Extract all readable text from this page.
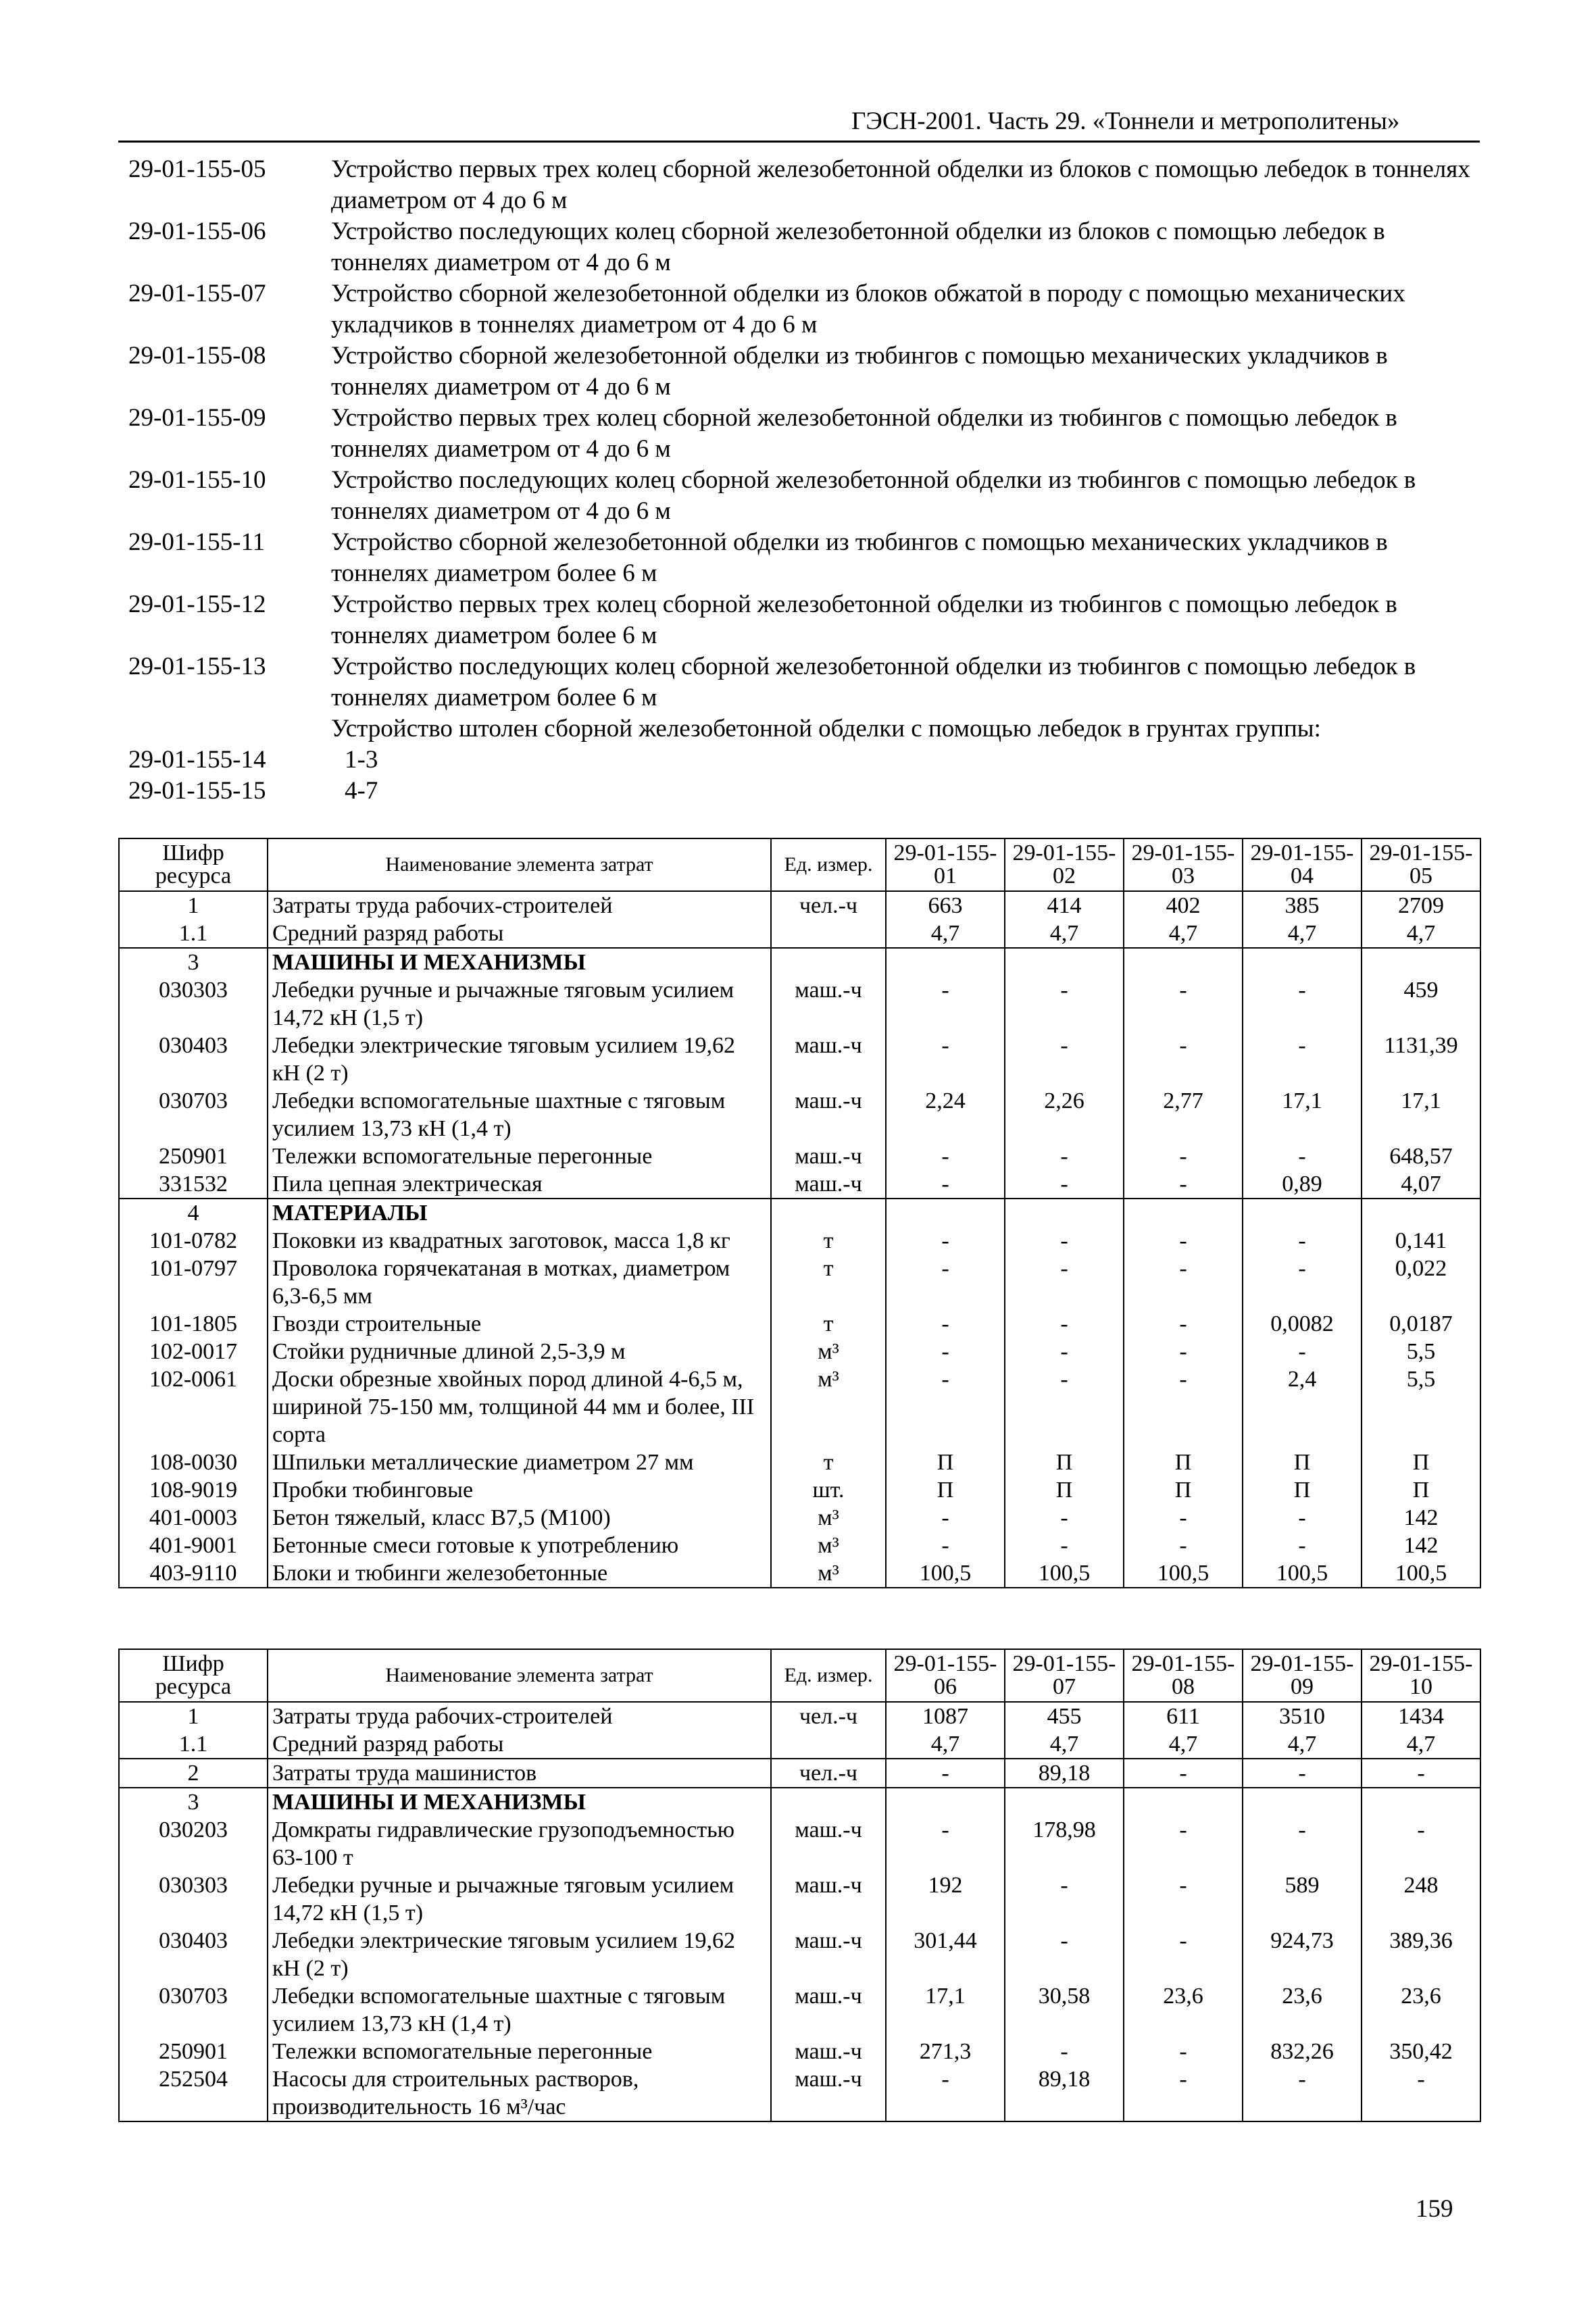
ГЭСН-2001. Часть 29. «Тоннели и метрополитены»
29-01-155-05	Устройство первых трех колец сборной железобетонной обделки из блоков с помощью лебедок в тоннелях диаметром от 4 до 6 м
29-01-155-06	Устройство последующих колец сборной железобетонной обделки из блоков с помощью лебедок в тоннелях диаметром от 4 до 6 м
29-01-155-07	Устройство сборной железобетонной обделки из блоков обжатой в породу с помощью механических укладчиков в тоннелях диаметром от 4 до 6 м
29-01-155-08	Устройство сборной железобетонной обделки из тюбингов с помощью механических укладчиков в тоннелях диаметром от 4 до 6 м
29-01-155-09	Устройство первых трех колец сборной железобетонной обделки из тюбингов с помощью лебедок в тоннелях диаметром от 4 до 6 м
29-01-155-10	Устройство последующих колец сборной железобетонной обделки из тюбингов с помощью лебедок в тоннелях диаметром от 4 до 6 м
29-01-155-11	Устройство сборной железобетонной обделки из тюбингов с помощью механических укладчиков в тоннелях диаметром более 6 м
29-01-155-12	Устройство первых трех колец сборной железобетонной обделки из тюбингов с помощью лебедок в тоннелях диаметром более 6 м
29-01-155-13	Устройство последующих колец сборной железобетонной обделки из тюбингов с помощью лебедок в тоннелях диаметром более 6 м
Устройство штолен сборной железобетонной обделки с помощью лебедок в грунтах группы:
29-01-155-14	1-3
29-01-155-15	4-7
Шифр ресурса	Наименование элемента затрат	Ед. измер.	29-01-155-01	29-01-155-02	29-01-155-03	29-01-155-04	29-01-155-05
1	Затраты труда рабочих-строителей	чел.-ч	663	414	402	385	2709
1.1	Средний разряд работы		4,7	4,7	4,7	4,7	4,7
3	МАШИНЫ И МЕХАНИЗМЫ						
030303	Лебедки ручные и рычажные тяговым усилием 14,72 кН (1,5 т)	маш.-ч	-	-	-	-	459
030403	Лебедки электрические тяговым усилием 19,62 кН (2 т)	маш.-ч	-	-	-	-	1131,39
030703	Лебедки вспомогательные шахтные с тяговым усилием 13,73 кН (1,4 т)	маш.-ч	2,24	2,26	2,77	17,1	17,1
250901	Тележки вспомогательные перегонные	маш.-ч	-	-	-	-	648,57
331532	Пила цепная электрическая	маш.-ч	-	-	-	0,89	4,07
4	МАТЕРИАЛЫ						
101-0782	Поковки из квадратных заготовок, масса 1,8 кг	т	-	-	-	-	0,141
101-0797	Проволока горячекатаная в мотках, диаметром 6,3-6,5 мм	т	-	-	-	-	0,022
101-1805	Гвозди строительные	т	-	-	-	0,0082	0,0187
102-0017	Стойки рудничные длиной 2,5-3,9 м	м³	-	-	-	-	5,5
102-0061	Доски обрезные хвойных пород длиной 4-6,5 м, шириной 75-150 мм, толщиной 44 мм и более, III сорта	м³	-	-	-	2,4	5,5
108-0030	Шпильки металлические диаметром 27 мм	т	П	П	П	П	П
108-9019	Пробки тюбинговые	шт.	П	П	П	П	П
401-0003	Бетон тяжелый, класс В7,5 (М100)	м³	-	-	-	-	142
401-9001	Бетонные смеси готовые к употреблению	м³	-	-	-	-	142
403-9110	Блоки и тюбинги железобетонные	м³	100,5	100,5	100,5	100,5	100,5
Шифр ресурса	Наименование элемента затрат	Ед. измер.	29-01-155-06	29-01-155-07	29-01-155-08	29-01-155-09	29-01-155-10
1	Затраты труда рабочих-строителей	чел.-ч	1087	455	611	3510	1434
1.1	Средний разряд работы		4,7	4,7	4,7	4,7	4,7
2	Затраты труда машинистов	чел.-ч	-	89,18	-	-	-
3	МАШИНЫ И МЕХАНИЗМЫ						
030203	Домкраты гидравлические грузоподъемностью 63-100 т	маш.-ч	-	178,98	-	-	-
030303	Лебедки ручные и рычажные тяговым усилием 14,72 кН (1,5 т)	маш.-ч	192	-	-	589	248
030403	Лебедки электрические тяговым усилием 19,62 кН (2 т)	маш.-ч	301,44	-	-	924,73	389,36
030703	Лебедки вспомогательные шахтные с тяговым усилием 13,73 кН (1,4 т)	маш.-ч	17,1	30,58	23,6	23,6	23,6
250901	Тележки вспомогательные перегонные	маш.-ч	271,3	-	-	832,26	350,42
252504	Насосы для строительных растворов, производительность 16 м³/час	маш.-ч	-	89,18	-	-	-
159
